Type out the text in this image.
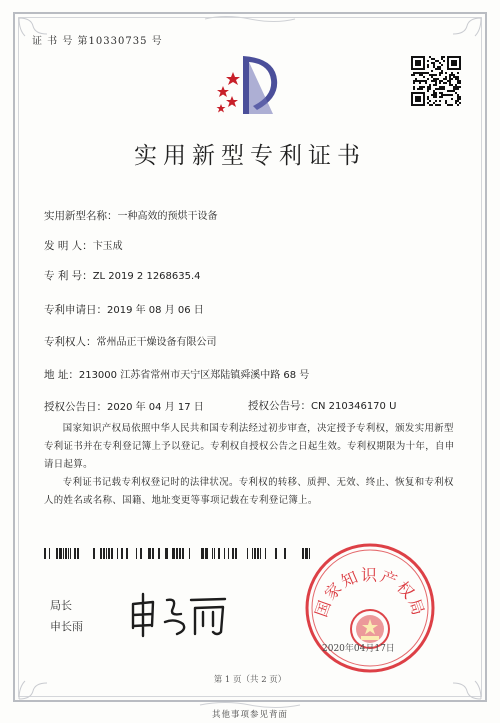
证 书 号 第10330735 号
实用新型专利证书
实用新型名称：一种高效的预烘干设备
发 明 人：卞玉成
专 利 号：ZL 2019 2 1268635.4
专利申请日：2019 年 08 月 06 日
专利权人：常州品正干燥设备有限公司
地 址：213000 江苏省常州市天宁区郑陆镇舜溪中路 68 号
授权公告日：2020 年 04 月 17 日	授权公告号：CN 210346170 U
国家知识产权局依照中华人民共和国专利法经过初步审查，决定授予专利权，颁发实用新型专利证书并在专利登记簿上予以登记。专利权自授权公告之日起生效。专利权期限为十年，自申请日起算。
专利证书记载专利权登记时的法律状况。专利权的转移、质押、无效、终止、恢复和专利权人的姓名或名称、国籍、地址变更等事项记载在专利登记簿上。
局长
申长雨
国家知识产权局
2020年04月17日
第 1 页（共 2 页）
其他事项参见背面
